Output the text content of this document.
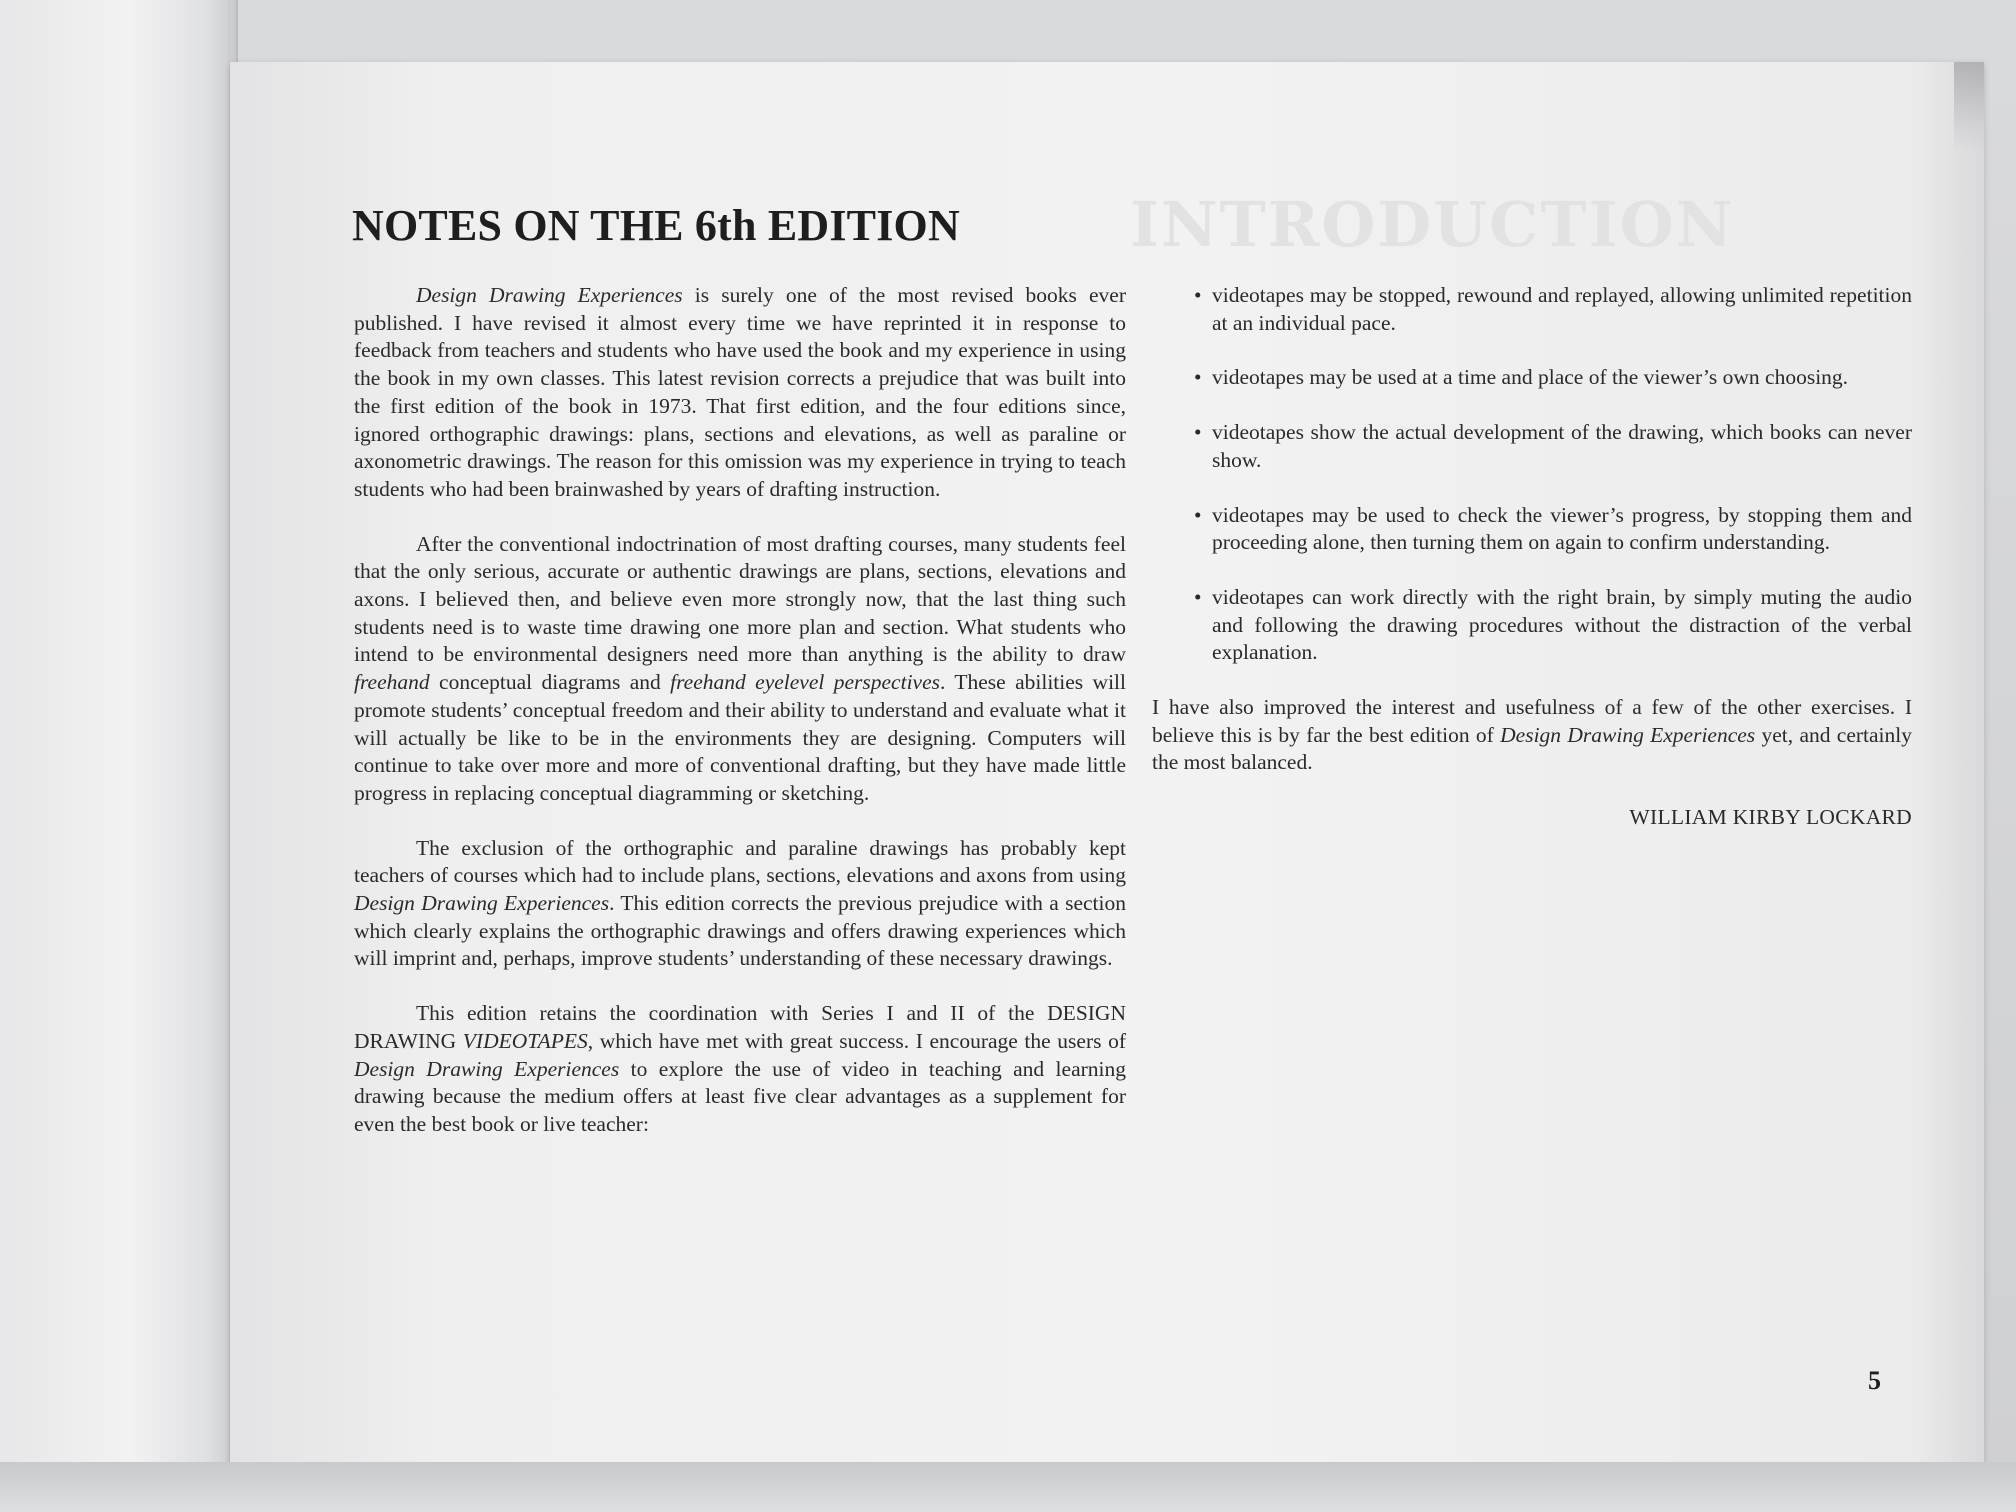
INTRODUCTION
NOTES ON THE 6th EDITION

Design Drawing Experiences is surely one of the most revised books ever published. I have revised it almost every time we have reprinted it in response to feedback from teachers and students who have used the book and my experience in using the book in my own classes. This latest revision corrects a prejudice that was built into the first edition of the book in 1973. That first edition, and the four editions since, ignored orthographic drawings: plans, sections and elevations, as well as paraline or axonometric drawings. The reason for this omission was my experience in trying to teach students who had been brainwashed by years of drafting instruction.

After the conventional indoctrination of most drafting courses, many students feel that the only serious, accurate or authentic drawings are plans, sections, elevations and axons. I believed then, and believe even more strongly now, that the last thing such students need is to waste time drawing one more plan and section. What students who intend to be environmental designers need more than anything is the ability to draw freehand conceptual diagrams and freehand eyelevel perspectives. These abilities will promote students’ conceptual freedom and their ability to understand and evaluate what it will actually be like to be in the environments they are designing. Computers will continue to take over more and more of conventional drafting, but they have made little progress in replacing conceptual diagramming or sketching.

The exclusion of the orthographic and paraline drawings has probably kept teachers of courses which had to include plans, sections, elevations and axons from using Design Drawing Experiences. This edition corrects the previous prejudice with a section which clearly explains the orthographic drawings and offers drawing experiences which will imprint and, perhaps, improve students’ understanding of these necessary drawings.

This edition retains the coordination with Series I and II of the DESIGN DRAWING VIDEOTAPES, which have met with great success. I encourage the users of Design Drawing Experiences to explore the use of video in teaching and learning drawing because the medium offers at least five clear advantages as a supplement for even the best book or live teacher:

• videotapes may be stopped, rewound and replayed, allowing unlimited repetition at an individual pace.
• videotapes may be used at a time and place of the viewer’s own choosing.
• videotapes show the actual development of the drawing, which books can never show.
• videotapes may be used to check the viewer’s progress, by stopping them and proceeding alone, then turning them on again to confirm understanding.
• videotapes can work directly with the right brain, by simply muting the audio and following the drawing procedures without the distraction of the verbal explanation.

I have also improved the interest and usefulness of a few of the other exercises. I believe this is by far the best edition of Design Drawing Experiences yet, and certainly the most balanced.

WILLIAM KIRBY LOCKARD

5
